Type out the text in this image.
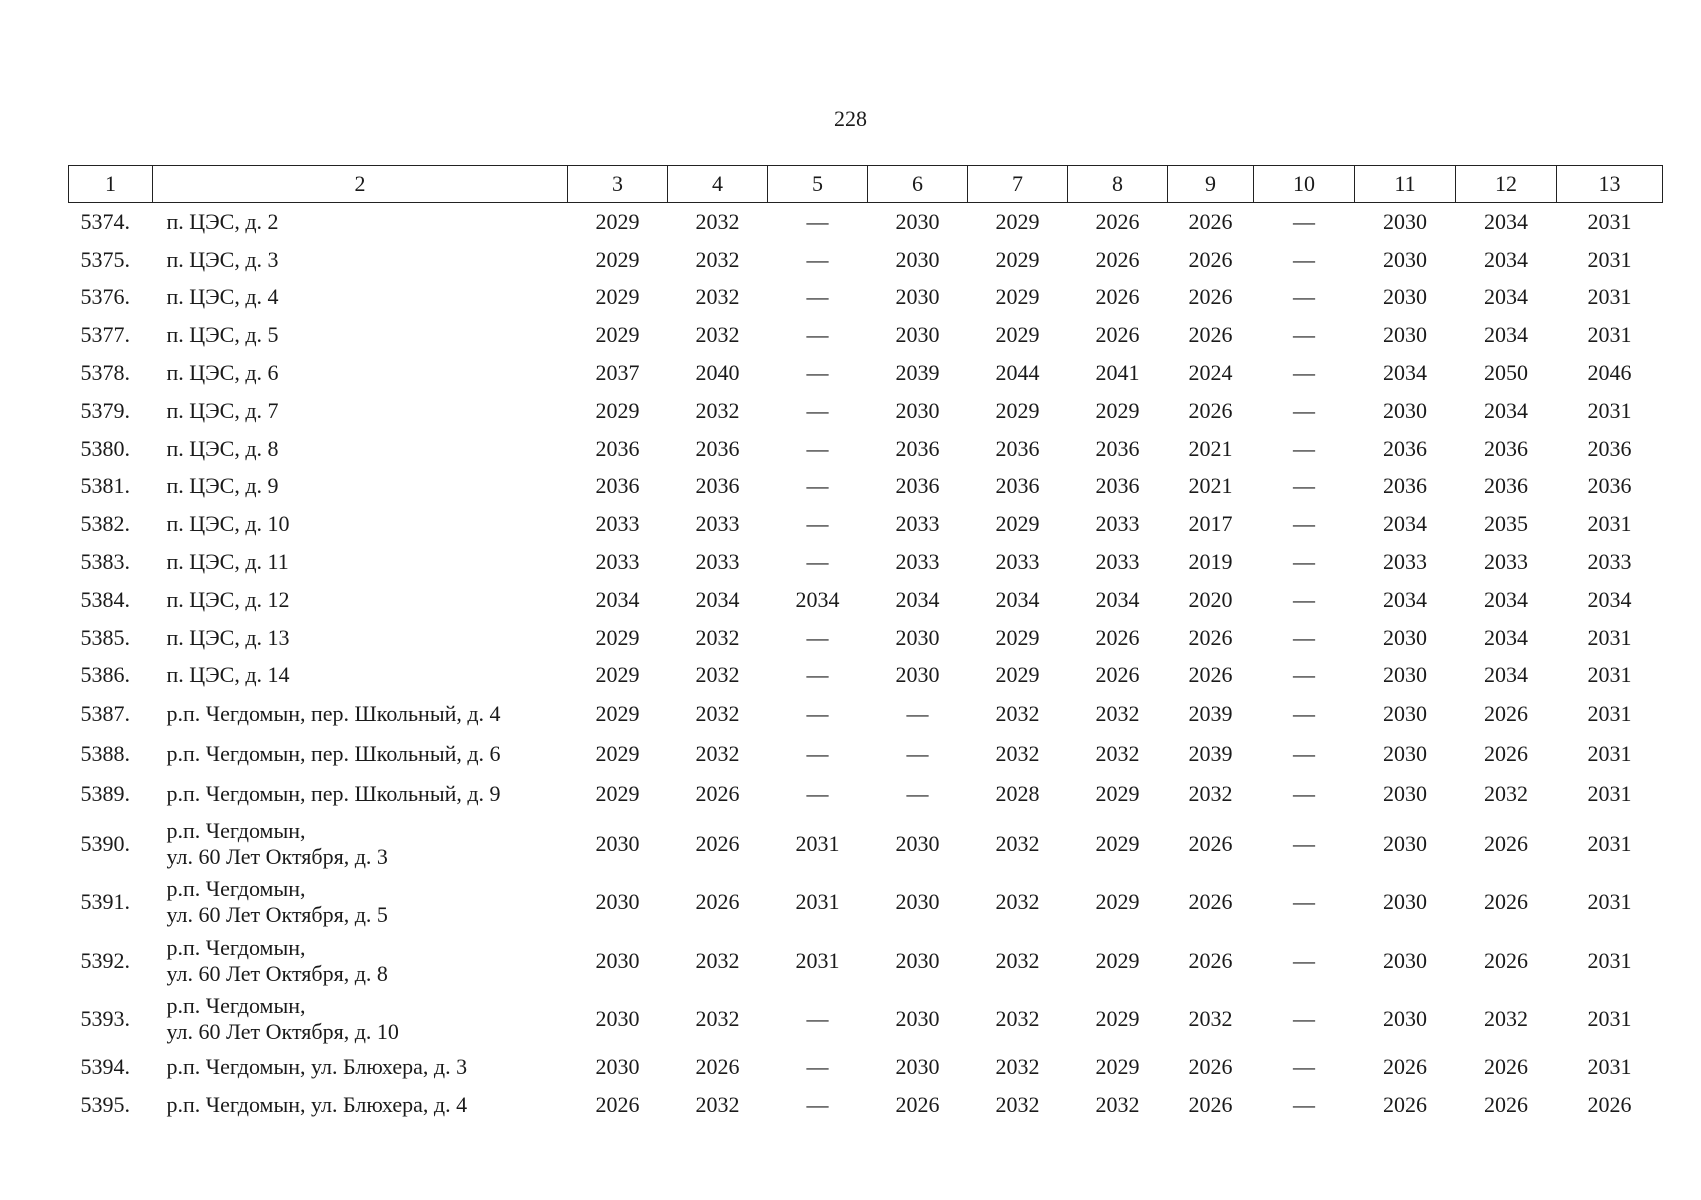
228
1	2	3	4	5	6	7	8	9	10	11	12	13
5374.	п. ЦЭС, д. 2	2029	2032	—	2030	2029	2026	2026	—	2030	2034	2031
5375.	п. ЦЭС, д. 3	2029	2032	—	2030	2029	2026	2026	—	2030	2034	2031
5376.	п. ЦЭС, д. 4	2029	2032	—	2030	2029	2026	2026	—	2030	2034	2031
5377.	п. ЦЭС, д. 5	2029	2032	—	2030	2029	2026	2026	—	2030	2034	2031
5378.	п. ЦЭС, д. 6	2037	2040	—	2039	2044	2041	2024	—	2034	2050	2046
5379.	п. ЦЭС, д. 7	2029	2032	—	2030	2029	2029	2026	—	2030	2034	2031
5380.	п. ЦЭС, д. 8	2036	2036	—	2036	2036	2036	2021	—	2036	2036	2036
5381.	п. ЦЭС, д. 9	2036	2036	—	2036	2036	2036	2021	—	2036	2036	2036
5382.	п. ЦЭС, д. 10	2033	2033	—	2033	2029	2033	2017	—	2034	2035	2031
5383.	п. ЦЭС, д. 11	2033	2033	—	2033	2033	2033	2019	—	2033	2033	2033
5384.	п. ЦЭС, д. 12	2034	2034	2034	2034	2034	2034	2020	—	2034	2034	2034
5385.	п. ЦЭС, д. 13	2029	2032	—	2030	2029	2026	2026	—	2030	2034	2031
5386.	п. ЦЭС, д. 14	2029	2032	—	2030	2029	2026	2026	—	2030	2034	2031
5387.	р.п. Чегдомын, пер. Школьный, д. 4	2029	2032	—	—	2032	2032	2039	—	2030	2026	2031
5388.	р.п. Чегдомын, пер. Школьный, д. 6	2029	2032	—	—	2032	2032	2039	—	2030	2026	2031
5389.	р.п. Чегдомын, пер. Школьный, д. 9	2029	2026	—	—	2028	2029	2032	—	2030	2032	2031
5390.	р.п. Чегдомын,
ул. 60 Лет Октября, д. 3	2030	2026	2031	2030	2032	2029	2026	—	2030	2026	2031
5391.	р.п. Чегдомын,
ул. 60 Лет Октября, д. 5	2030	2026	2031	2030	2032	2029	2026	—	2030	2026	2031
5392.	р.п. Чегдомын,
ул. 60 Лет Октября, д. 8	2030	2032	2031	2030	2032	2029	2026	—	2030	2026	2031
5393.	р.п. Чегдомын,
ул. 60 Лет Октября, д. 10	2030	2032	—	2030	2032	2029	2032	—	2030	2032	2031
5394.	р.п. Чегдомын, ул. Блюхера, д. 3	2030	2026	—	2030	2032	2029	2026	—	2026	2026	2031
5395.	р.п. Чегдомын, ул. Блюхера, д. 4	2026	2032	—	2026	2032	2032	2026	—	2026	2026	2026
